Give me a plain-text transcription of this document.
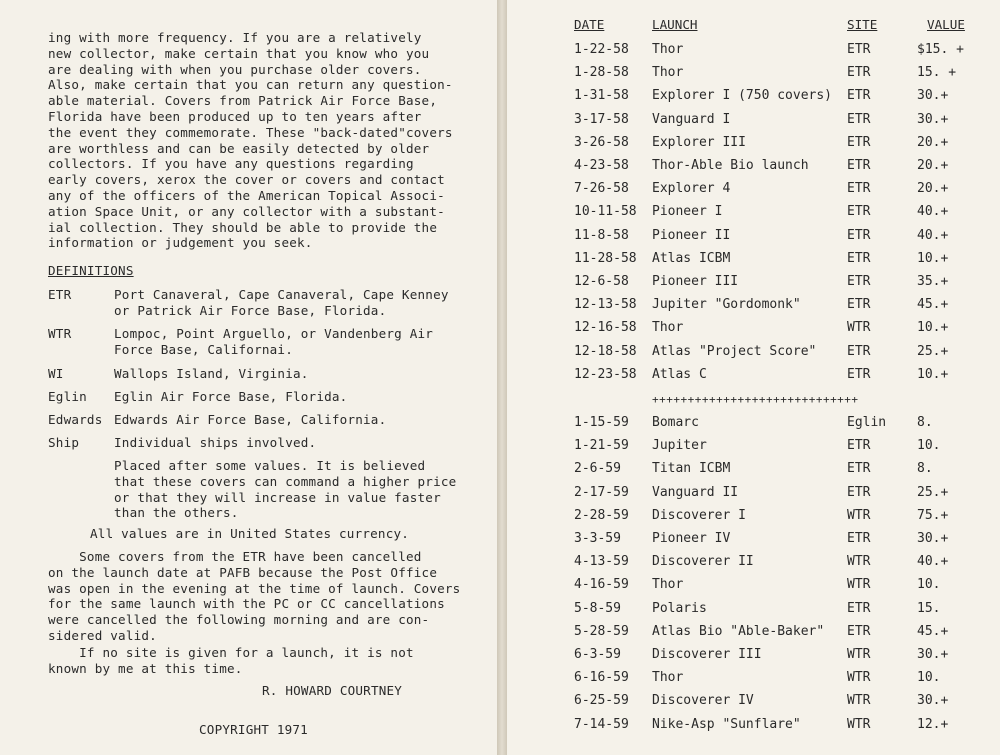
ing with more frequency. If you are a relatively
new collector, make certain that you know who you
are dealing with when you purchase older covers.
Also, make certain that you can return any question-
able material. Covers from Patrick Air Force Base,
Florida have been produced up to ten years after
the event they commemorate. These "back-dated"covers
are worthless and can be easily detected by older
collectors. If you have any questions regarding
early covers, xerox the cover or covers and contact
any of the officers of the American Topical Associ-
ation Space Unit, or any collector with a substant-
ial collection. They should be able to provide the
information or judgement you seek.
DEFINITIONS
ETR	Port Canaveral, Cape Canaveral, Cape Kenney
or Patrick Air Force Base, Florida.
WTR	Lompoc, Point Arguello, or Vandenberg Air
Force Base, Californai.
WI	Wallops Island, Virginia.
Eglin Eglin Air Force Base, Florida.
Edwards Edwards Air Force Base, California.
Ship	Individual ships involved.
Placed after some values. It is believed
that these covers can command a higher price
or that they will increase in value faster
than the others.
All values are in United States currency.
Some covers from the ETR have been cancelled
on the launch date at PAFB because the Post Office
was open in the evening at the time of launch. Covers
for the same launch with the PC or CC cancellations
were cancelled the following morning and are con-
sidered valid.
If no site is given for a launch, it is not
known by me at this time.
R. HOWARD COURTNEY
COPYRIGHT 1971
DATE	LAUNCH	SITE	VALUE
1-22-58 Thor	ETR	$15. +
1-28-58 Thor	ETR	15. +
1-31-58 Explorer I (750 covers) ETR	30.+
3-17-58 Vanguard I	ETR	30.+
3-26-58 Explorer III	ETR	20.+
4-23-58 Thor-Able Bio launch	ETR	20.+
7-26-58 Explorer 4	ETR	20.+
10-11-58 Pioneer I	ETR	40.+
11-8-58 Pioneer II	ETR	40.+
11-28-58 Atlas ICBM	ETR	10.+
12-6-58 Pioneer III	ETR	35.+
12-13-58 Jupiter "Gordomonk"	ETR	45.+
12-16-58 Thor	WTR	10.+
12-18-58 Atlas "Project Score" ETR	25.+
12-23-58 Atlas C	ETR	10.+
+++++++++++++++++++++++++++++
1-15-59 Bomarc	Eglin 8.
1-21-59 Jupiter	ETR	10.
2-6-59 Titan ICBM	ETR	8.
2-17-59 Vanguard II	ETR	25.+
2-28-59 Discoverer I	WTR	75.+
3-3-59 Pioneer IV	ETR	30.+
4-13-59 Discoverer II	WTR	40.+
4-16-59 Thor	WTR	10.
5-8-59 Polaris	ETR	15.
5-28-59 Atlas Bio "Able-Baker" ETR	45.+
6-3-59 Discoverer III	WTR	30.+
6-16-59 Thor	WTR	10.
6-25-59 Discoverer IV	WTR	30.+
7-14-59 Nike-Asp "Sunflare"	WTR	12.+
